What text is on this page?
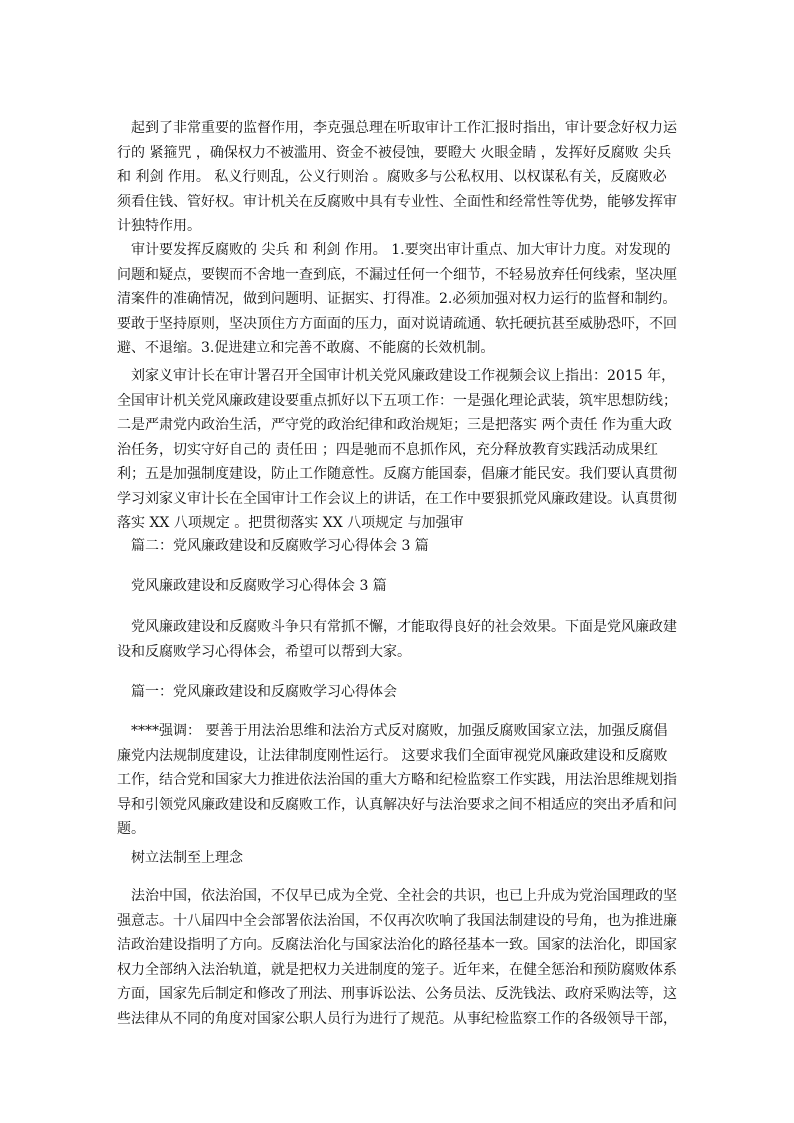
　起到了非常重要的监督作用，李克强总理在听取审计工作汇报时指出，审计要念好权力运行的 紧箍咒 ，确保权力不被滥用、资金不被侵蚀，要瞪大 火眼金睛 ，发挥好反腐败 尖兵 和 利剑 作用。 私义行则乱，公义行则治 。腐败多与公私权用、以权谋私有关，反腐败必须看住钱、管好权。审计机关在反腐败中具有专业性、全面性和经常性等优势，能够发挥审计独特作用。

　审计要发挥反腐败的 尖兵 和 利剑 作用。 1.要突出审计重点、加大审计力度。对发现的问题和疑点，要锲而不舍地一查到底，不漏过任何一个细节，不轻易放弃任何线索，坚决厘清案件的准确情况，做到问题明、证据实、打得准。2.必须加强对权力运行的监督和制约。要敢于坚持原则，坚决顶住方方面面的压力，面对说请疏通、软托硬抗甚至威胁恐吓，不回避、不退缩。3.促进建立和完善不敢腐、不能腐的长效机制。

　刘家义审计长在审计署召开全国审计机关党风廉政建设工作视频会议上指出：2015 年，全国审计机关党风廉政建设要重点抓好以下五项工作：一是强化理论武装，筑牢思想防线；二是严肃党内政治生活，严守党的政治纪律和政治规矩；三是把落实 两个责任 作为重大政治任务，切实守好自己的 责任田 ；四是驰而不息抓作风，充分释放教育实践活动成果红利；五是加强制度建设，防止工作随意性。反腐方能国泰，倡廉才能民安。我们要认真贯彻学习刘家义审计长在全国审计工作会议上的讲话，在工作中要狠抓党风廉政建设。认真贯彻落实 XX 八项规定 。把贯彻落实 XX 八项规定 与加强审

　篇二：党风廉政建设和反腐败学习心得体会 3 篇

　党风廉政建设和反腐败学习心得体会 3 篇

　党风廉政建设和反腐败斗争只有常抓不懈，才能取得良好的社会效果。下面是党风廉政建设和反腐败学习心得体会，希望可以帮到大家。

　篇一：党风廉政建设和反腐败学习心得体会

　****强调： 要善于用法治思维和法治方式反对腐败，加强反腐败国家立法，加强反腐倡廉党内法规制度建设，让法律制度刚性运行。 这要求我们全面审视党风廉政建设和反腐败工作，结合党和国家大力推进依法治国的重大方略和纪检监察工作实践，用法治思维规划指导和引领党风廉政建设和反腐败工作，认真解决好与法治要求之间不相适应的突出矛盾和问题。

　树立法制至上理念

　法治中国，依法治国，不仅早已成为全党、全社会的共识，也已上升成为党治国理政的坚强意志。十八届四中全会部署依法治国，不仅再次吹响了我国法制建设的号角，也为推进廉洁政治建设指明了方向。反腐法治化与国家法治化的路径基本一致。国家的法治化，即国家权力全部纳入法治轨道，就是把权力关进制度的笼子。近年来，在健全惩治和预防腐败体系方面，国家先后制定和修改了刑法、刑事诉讼法、公务员法、反洗钱法、政府采购法等，这些法律从不同的角度对国家公职人员行为进行了规范。从事纪检监察工作的各级领导干部，
